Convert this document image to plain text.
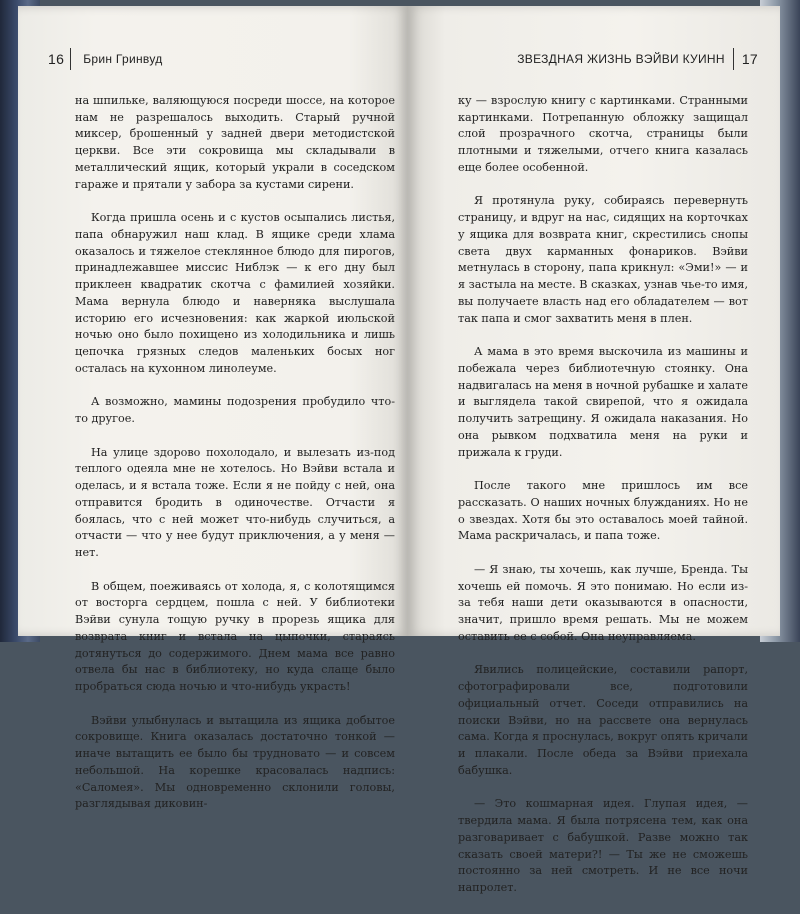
16 Брин Гринвуд

на шпильке, валяющуюся посреди шоссе, на которое нам не разрешалось выходить. Старый ручной миксер, брошенный у задней двери методистской церкви. Все эти сокровища мы складывали в металлический ящик, который украли в соседском гараже и прятали у забора за кустами сирени.

Когда пришла осень и с кустов осыпались листья, папа обнаружил наш клад. В ящике среди хлама оказалось и тяжелое стеклянное блюдо для пирогов, принадлежавшее миссис Ниблэк — к его дну был приклеен квадратик скотча с фамилией хозяйки. Мама вернула блюдо и наверняка выслушала историю его исчезновения: как жаркой июльской ночью оно было похищено из холодильника и лишь цепочка грязных следов маленьких босых ног осталась на кухонном линолеуме.

А возможно, мамины подозрения пробудило что-то другое.

На улице здорово похолодало, и вылезать из-под теплого одеяла мне не хотелось. Но Вэйви встала и оделась, и я встала тоже. Если я не пойду с ней, она отправится бродить в одиночестве. Отчасти я боялась, что с ней может что-нибудь случиться, а отчасти — что у нее будут приключения, а у меня — нет.

В общем, поеживаясь от холода, я, с колотящимся от восторга сердцем, пошла с ней. У библиотеки Вэйви сунула тощую ручку в прорезь ящика для возврата книг и встала на цыпочки, стараясь дотянуться до содержимого. Днем мама все равно отвела бы нас в библиотеку, но куда слаще было пробраться сюда ночью и что-нибудь украсть!

Вэйви улыбнулась и вытащила из ящика добытое сокровище. Книга оказалась достаточно тонкой — иначе вытащить ее было бы трудновато — и совсем небольшой. На корешке красовалась надпись: «Саломея». Мы одновременно склонили головы, разглядывая диковин-

ЗВЕЗДНАЯ ЖИЗНЬ ВЭЙВИ КУИНН 17

ку — взрослую книгу с картинками. Странными картинками. Потрепанную обложку защищал слой прозрачного скотча, страницы были плотными и тяжелыми, отчего книга казалась еще более особенной.

Я протянула руку, собираясь перевернуть страницу, и вдруг на нас, сидящих на корточках у ящика для возврата книг, скрестились снопы света двух карманных фонариков. Вэйви метнулась в сторону, папа крикнул: «Эми!» — и я застыла на месте. В сказках, узнав чье-то имя, вы получаете власть над его обладателем — вот так папа и смог захватить меня в плен.

А мама в это время выскочила из машины и побежала через библиотечную стоянку. Она надвигалась на меня в ночной рубашке и халате и выглядела такой свирепой, что я ожидала получить затрещину. Я ожидала наказания. Но она рывком подхватила меня на руки и прижала к груди.

После такого мне пришлось им все рассказать. О наших ночных блужданиях. Но не о звездах. Хотя бы это оставалось моей тайной. Мама раскричалась, и папа тоже.

— Я знаю, ты хочешь, как лучше, Бренда. Ты хочешь ей помочь. Я это понимаю. Но если из-за тебя наши дети оказываются в опасности, значит, пришло время решать. Мы не можем оставить ее с собой. Она неуправляема.

Явились полицейские, составили рапорт, сфотографировали все, подготовили официальный отчет. Соседи отправились на поиски Вэйви, но на рассвете она вернулась сама. Когда я проснулась, вокруг опять кричали и плакали. После обеда за Вэйви приехала бабушка.

— Это кошмарная идея. Глупая идея, — твердила мама. Я была потрясена тем, как она разговаривает с бабушкой. Разве можно так сказать своей матери?! — Ты же не сможешь постоянно за ней смотреть. И не все ночи напролет.
